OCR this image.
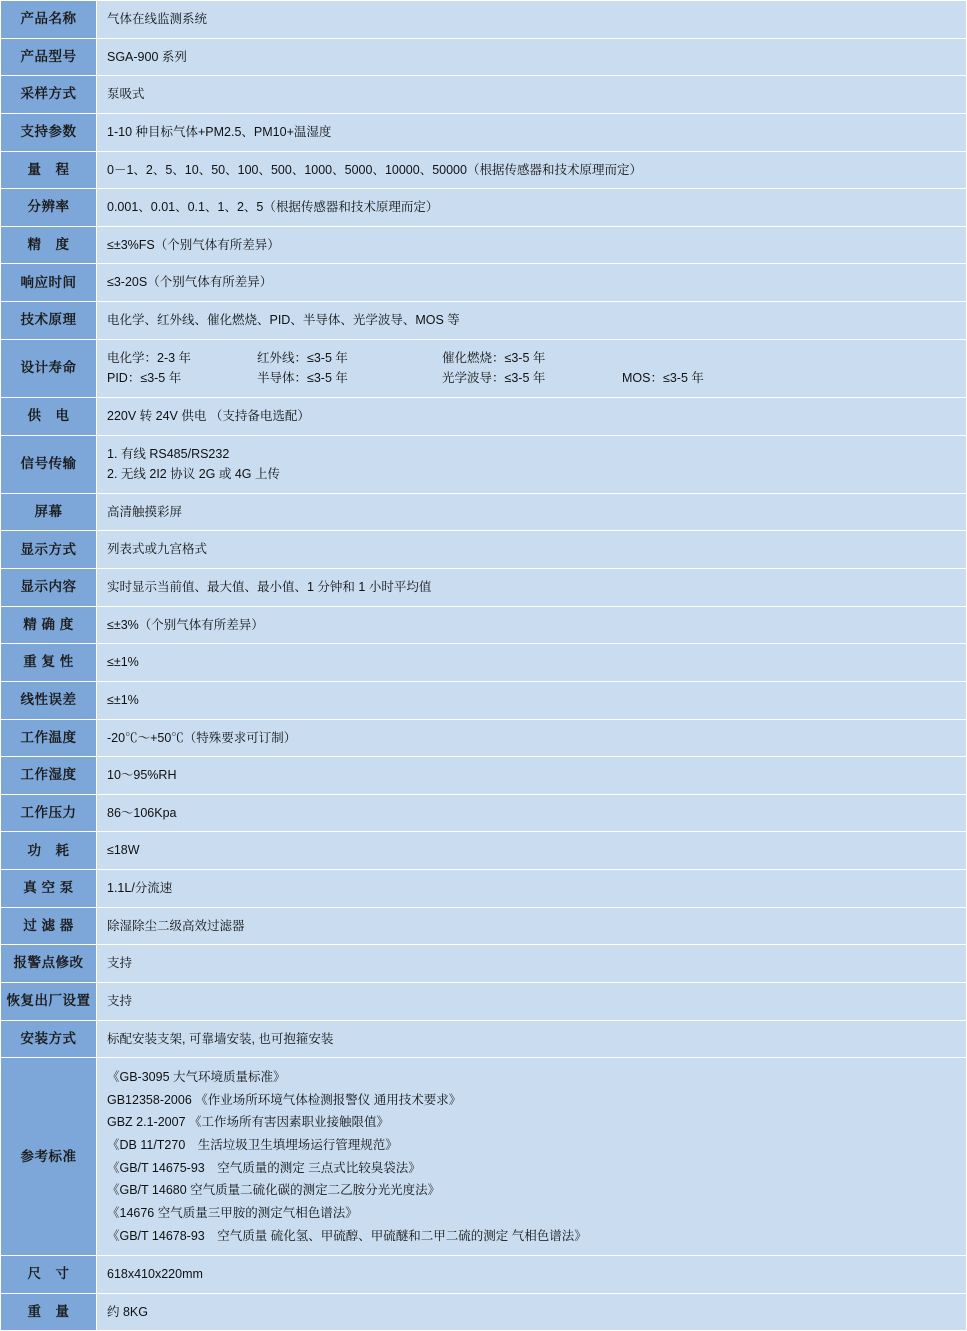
产品名称	气体在线监测系统
产品型号	SGA-900 系列
采样方式	泵吸式
支持参数	1-10 种目标气体+PM2.5、PM10+温湿度
量　程	0－1、2、5、10、50、100、500、1000、5000、10000、50000（根据传感器和技术原理而定）
分辨率	0.001、0.01、0.1、1、2、5（根据传感器和技术原理而定）
精　度	≤±3%FS（个别气体有所差异）
响应时间	≤3-20S（个别气体有所差异）
技术原理	电化学、红外线、催化燃烧、PID、半导体、光学波导、MOS 等
设计寿命	电化学：2-3 年 红外线：≤3-5 年 催化燃烧：≤3-5 年
PID：≤3-5 年 半导体：≤3-5 年 光学波导：≤3-5 年 MOS：≤3-5 年

供　电	220V 转 24V 供电 （支持备电选配）
信号传输	1. 有线 RS485/RS232
2. 无线 2I2 协议 2G 或 4G 上传

屏幕	高清触摸彩屏
显示方式	列表式或九宫格式
显示内容	实时显示当前值、最大值、最小值、1 分钟和 1 小时平均值
精 确 度	≤±3%（个别气体有所差异）
重 复 性	≤±1%
线性误差	≤±1%
工作温度	-20℃～+50℃（特殊要求可订制）
工作湿度	10～95%RH
工作压力	86～106Kpa
功　耗	≤18W
真 空 泵	1.1L/分流速
过 滤 器	除湿除尘二级高效过滤器
报警点修改	支持
恢复出厂设置	支持
安装方式	标配安装支架, 可靠墙安装, 也可抱箍安装
参考标准	
《GB-3095 大气环境质量标准》
GB12358-2006 《作业场所环境气体检测报警仪 通用技术要求》
GBZ 2.1-2007 《工作场所有害因素职业接触限值》
《DB 11/T270　生活垃圾卫生填埋场运行管理规范》
《GB/T 14675-93　空气质量的测定 三点式比较臭袋法》
《GB/T 14680 空气质量二硫化碳的测定二乙胺分光光度法》
《14676 空气质量三甲胺的测定气相色谱法》
《GB/T 14678-93　空气质量 硫化氢、甲硫醇、甲硫醚和二甲二硫的测定 气相色谱法》

尺　寸	618x410x220mm
重　量	约 8KG
